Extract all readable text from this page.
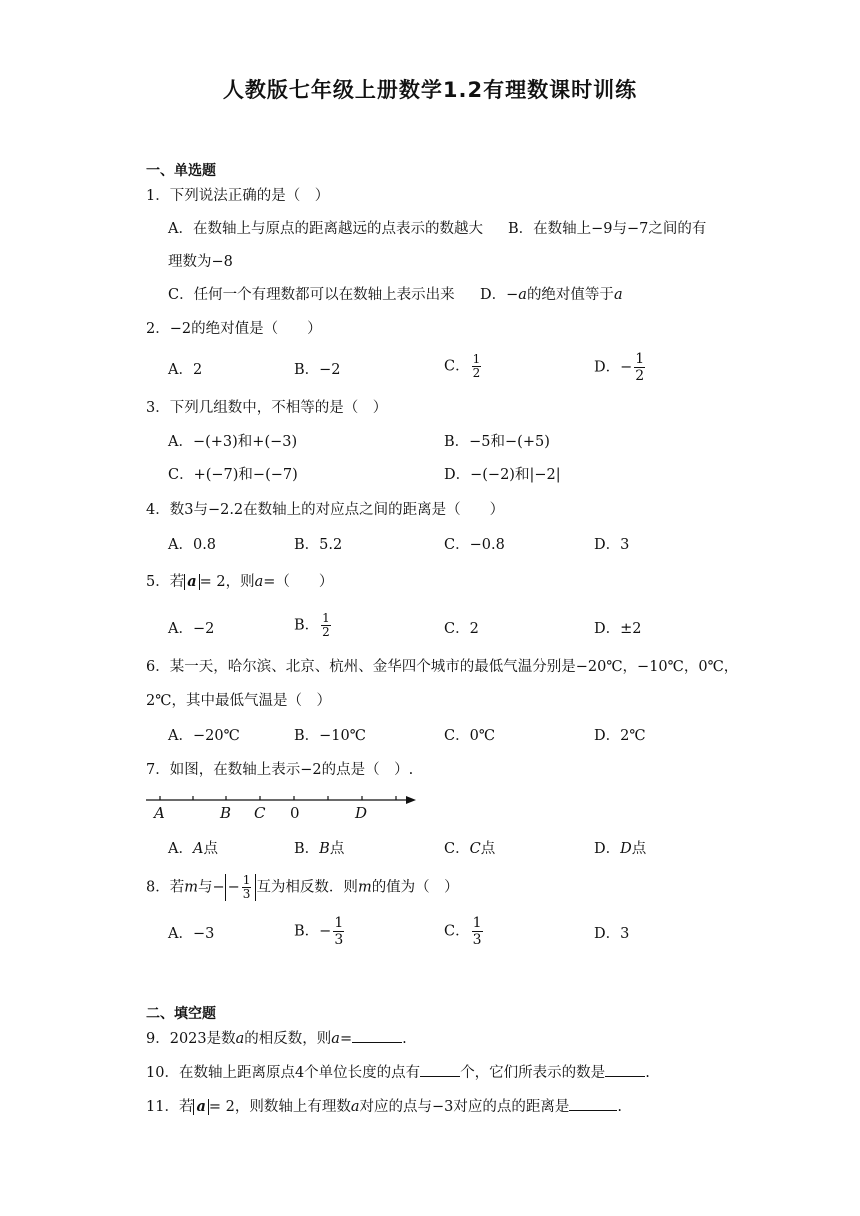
人教版七年级上册数学1.2有理数课时训练
一、单选题
1．下列说法正确的是（　）
A．在数轴上与原点的距离越远的点表示的数越大 B．在数轴上−9与−7之间的有
理数为−8
C．任何一个有理数都可以在数轴上表示出来 D．−a的绝对值等于a
2．−2的绝对值是（　　）
A．2	B．−2	C． $\frac{1}{2}$	D．− $\frac{1}{2}$
3．下列几组数中，不相等的是（　）
A．−(+3)和+(−3)	B．−5和−(+5)
C．+(−7)和−(−7)	D．−(−2)和|−2|
4．数3与−2.2在数轴上的对应点之间的距离是（　　）
A．0.8	B．5.2	C．−0.8	D．3
5．若 a = 2，则a=（　　）
A．−2	B． $\frac{1}{2}$	C．2	D．±2
6．某一天，哈尔滨、北京、杭州、金华四个城市的最低气温分别是−20℃，−10℃，0℃，
2℃，其中最低气温是（　）
A．−20℃	B．−10℃	C．0℃	D．2℃
7．如图，在数轴上表示−2的点是（　）.
A	B C 0	D
A．A点	B．B点	C．C点	D．D点
8．若m与− − $\frac{1}{3}$ 互为相反数．则m的值为（　）
A．−3	B．− $\frac{1}{3}$	C． $\frac{1}{3}$	D．3
二、填空题
9．2023是数a的相反数，则a=	.
10．在数轴上距离原点4个单位长度的点有	个，它们所表示的数是	.
11．若 a = 2，则数轴上有理数a对应的点与−3对应的点的距离是	.
